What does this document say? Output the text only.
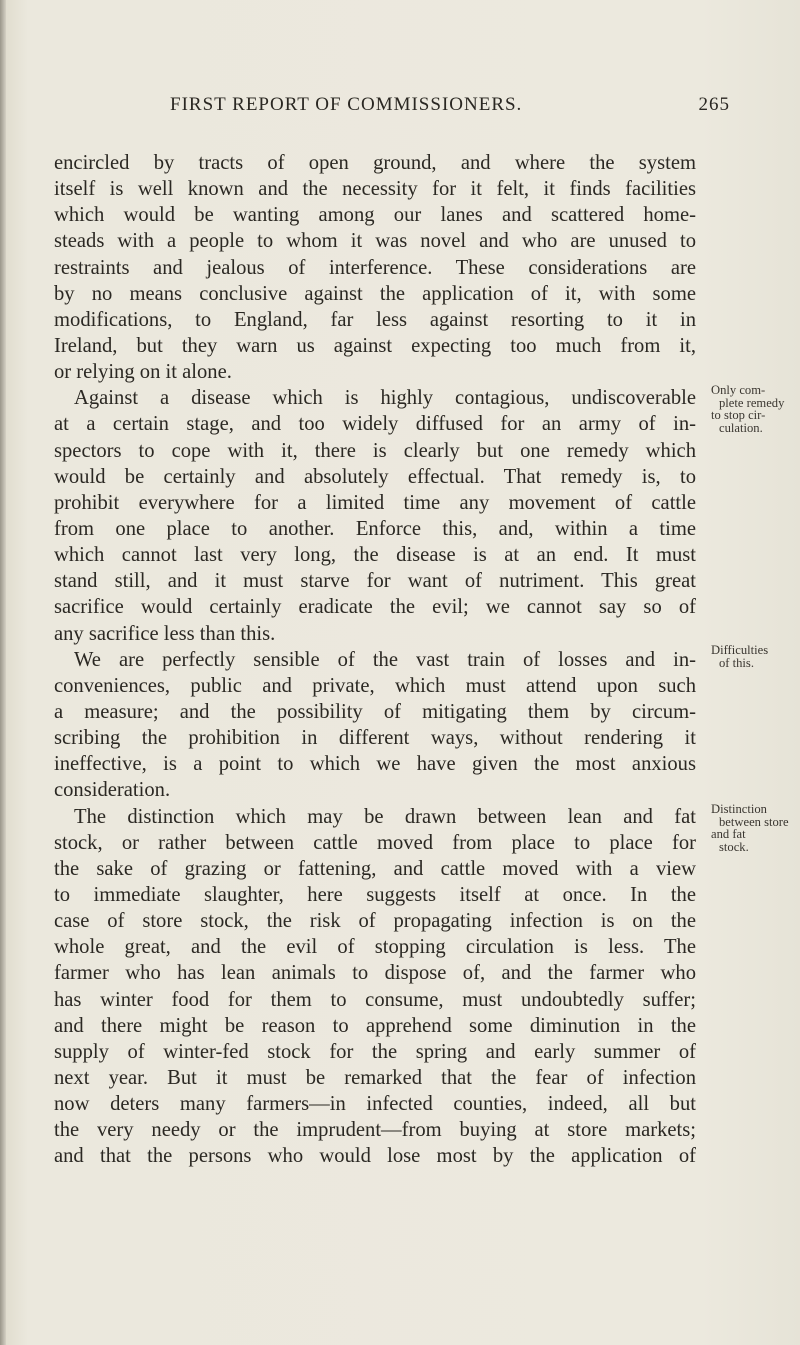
FIRST REPORT OF COMMISSIONERS.	265
encircled by tracts of open ground, and where the system
itself is well known and the necessity for it felt, it finds facilities
which would be wanting among our lanes and scattered home-
steads with a people to whom it was novel and who are unused to
restraints and jealous of interference. These considerations are
by no means conclusive against the application of it, with some
modifications, to England, far less against resorting to it in
Ireland, but they warn us against expecting too much from it,
or relying on it alone.
Against a disease which is highly contagious, undiscoverable
at a certain stage, and too widely diffused for an army of in-
spectors to cope with it, there is clearly but one remedy which
would be certainly and absolutely effectual. That remedy is, to
prohibit everywhere for a limited time any movement of cattle
from one place to another. Enforce this, and, within a time
which cannot last very long, the disease is at an end. It must
stand still, and it must starve for want of nutriment. This great
sacrifice would certainly eradicate the evil; we cannot say so of
any sacrifice less than this.
We are perfectly sensible of the vast train of losses and in-
conveniences, public and private, which must attend upon such
a measure; and the possibility of mitigating them by circum-
scribing the prohibition in different ways, without rendering it
ineffective, is a point to which we have given the most anxious
consideration.
The distinction which may be drawn between lean and fat
stock, or rather between cattle moved from place to place for
the sake of grazing or fattening, and cattle moved with a view
to immediate slaughter, here suggests itself at once. In the
case of store stock, the risk of propagating infection is on the
whole great, and the evil of stopping circulation is less. The
farmer who has lean animals to dispose of, and the farmer who
has winter food for them to consume, must undoubtedly suffer;
and there might be reason to apprehend some diminution in the
supply of winter-fed stock for the spring and early summer of
next year. But it must be remarked that the fear of infection
now deters many farmers—in infected counties, indeed, all but
the very needy or the imprudent—from buying at store markets;
and that the persons who would lose most by the application of
Only com-
plete remedy
to stop cir-
culation.
Difficulties
of this.
Distinction
between store
and fat
stock.
